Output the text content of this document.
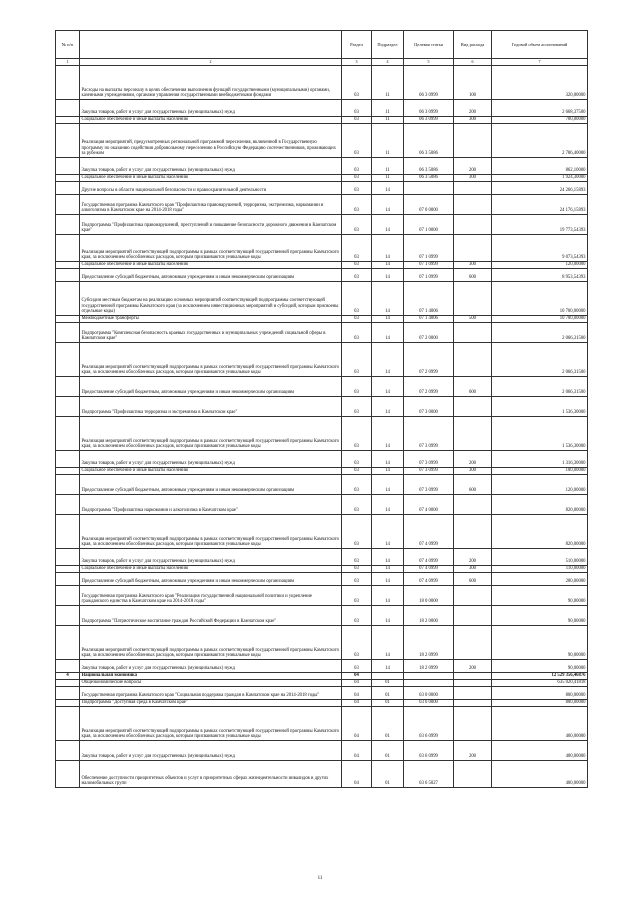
№ п/п		Раздел	Подраздел	Целевая статья	Вид расхода	Годовой объем ассигнований
1	2	3	4	5	6	7
	Расходы на выплаты персоналу в целях обеспечения выполнения функций государственными (муниципальными) органами, казенными учреждениями, органами управления государственными внебюджетными фондами	03	11	06 3 0999	100	320,00000
	Закупка товаров, работ и услуг для государственных (муниципальных) нужд	03	11	06 3 0999	200	2 668,37500
	Социальное обеспечение и иные выплаты населению	03	11	06 3 0999	300	700,00000
	Реализация мероприятий, предусмотренных региональной программой переселения, включенной в Государственную программу по оказанию содействия добровольному переселению в Российскую Федерацию соотечественников, проживающих за рубежом	03	11	06 3 5086		2 786,40000
	Закупка товаров, работ и услуг для государственных (муниципальных) нужд	03	11	06 3 5086	200	862,10000
	Социальное обеспечение и иные выплаты населению	03	11	06 3 5086	300	1 924,30000
	Другие вопросы в области национальной безопасности и правоохранительной деятельности	03	14			24 266,15893
	Государственная программа Камчатского края "Профилактика правонарушений, терроризма, экстремизма, наркомании и алкоголизма в Камчатском крае на 2014-2018 годы"	03	14	07 0 0000		24 176,15893
	Подпрограмма "Профилактика правонарушений, преступлений и повышение безопасности дорожного движения в Камчатском крае"	03	14	07 1 0000		19 773,54393
	Реализация мероприятий соответствующей подпрограммы в рамках соответствующей государственной программы Камчатского края, за исключением обособленных расходов, которым присваиваются уникальные коды	03	14	07 1 0999		9 073,54393
	Социальное обеспечение и иные выплаты населению	03	14	07 1 0999	300	120,00000
	Предоставление субсидий бюджетным, автономным учреждениям и иным некоммерческим организациям	03	14	07 1 0999	600	8 953,54393
	Субсидии местным бюджетам на реализацию основных мероприятий соответствующей подпрограммы соответствующей государственной программы Камчатского края (за исключением инвестиционных мероприятий и субсидий, которым присвоены отдельные коды)	03	14	07 1 4006		10 700,00000
	Межбюджетные трансферты	03	14	07 1 4006	500	10 700,00000
	Подпрограмма "Комплексная безопасность краевых государственных и муниципальных учреждений социальной сферы в Камчатском крае"	03	14	07 2 0000		2 066,31500
	Реализация мероприятий соответствующей подпрограммы в рамках соответствующей государственной программы Камчатского края, за исключением обособленных расходов, которым присваиваются уникальные коды	03	14	07 2 0999		2 066,31500
	Предоставление субсидий бюджетным, автономным учреждениям и иным некоммерческим организациям	03	14	07 2 0999	600	2 066,31500
	Подпрограмма "Профилактика терроризма и экстремизма в Камчатском крае"	03	14	07 3 0000		1 536,30000
	Реализация мероприятий соответствующей подпрограммы в рамках соответствующей государственной программы Камчатского края, за исключением обособленных расходов, которым присваиваются уникальные коды	03	14	07 3 0999		1 536,30000
	Закупка товаров, работ и услуг для государственных (муниципальных) нужд	03	14	07 3 0999	200	1 316,30000
	Социальное обеспечение и иные выплаты населению	03	14	07 3 0999	300	100,00000
	Предоставление субсидий бюджетным, автономным учреждениям и иным некоммерческим организациям	03	14	07 3 0999	600	120,00000
	Подпрограмма "Профилактика наркомании и алкоголизма в Камчатском крае"	03	14	07 4 0000		820,00000
	Реализация мероприятий соответствующей подпрограммы в рамках соответствующей государственной программы Камчатского края, за исключением обособленных расходов, которым присваиваются уникальные коды	03	14	07 4 0999		820,00000
	Закупка товаров, работ и услуг для государственных (муниципальных) нужд	03	14	07 4 0999	200	510,00000
	Социальное обеспечение и иные выплаты населению	03	14	07 4 0999	300	110,00000
	Предоставление субсидий бюджетным, автономным учреждениям и иным некоммерческим организациям	03	14	07 4 0999	600	200,00000
	Государственная программа Камчатского края "Реализация государственной национальной политики и укрепление гражданского единства в Камчатском крае на 2014-2018 годы"	03	14	18 0 0000		90,00000
	Подпрограмма "Патриотическое воспитание граждан Российской Федерации в Камчатском крае"	03	14	18 2 0000		90,00000
	Реализация мероприятий соответствующей подпрограммы в рамках соответствующей государственной программы Камчатского края, за исключением обособленных расходов, которым присваиваются уникальные коды	03	14	18 2 0999		90,00000
	Закупка товаров, работ и услуг для государственных (муниципальных) нужд	03	14	18 2 0999	200	90,00000
4	Национальная экономика	04				12 529 356,46876
	Общеэкономические вопросы	04	01			635 020,41818
	Государственная программа Камчатского края "Социальная поддержка граждан в Камчатском крае на 2014-2018 годы"	04	01	03 0 0000		800,00000
	Подпрограмма "Доступная среда в Камчатском крае"	04	01	03 6 0000		800,00000
	Реализация мероприятий соответствующей подпрограммы в рамках соответствующей государственной программы Камчатского края, за исключением обособленных расходов, которым присваиваются уникальные коды	04	01	03 6 0999		400,00000
	Закупка товаров, работ и услуг для государственных (муниципальных) нужд	04	01	03 6 0999	200	400,00000
	Обеспечение доступности приоритетных объектов и услуг в приоритетных сферах жизнедеятельности инвалидов и других маломобильных групп	04	01	03 6 5027		400,00000
11
